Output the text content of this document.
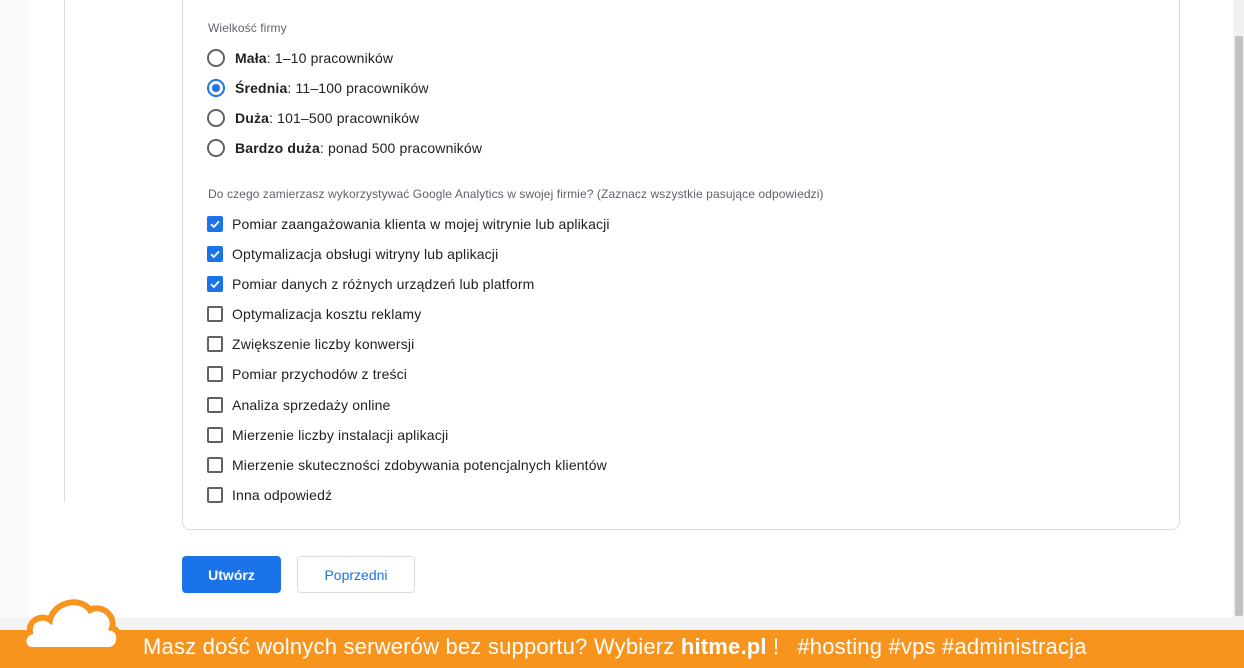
Wielkość firmy
Mała : 1–10 pracowników
Średnia : 11–100 pracowników
Duża : 101–500 pracowników
Bardzo duża : ponad 500 pracowników
Do czego zamierzasz wykorzystywać Google Analytics w swojej firmie? (Zaznacz wszystkie pasujące odpowiedzi)
Pomiar zaangażowania klienta w mojej witrynie lub aplikacji
Optymalizacja obsługi witryny lub aplikacji
Pomiar danych z różnych urządzeń lub platform
Optymalizacja kosztu reklamy
Zwiększenie liczby konwersji
Pomiar przychodów z treści
Analiza sprzedaży online
Mierzenie liczby instalacji aplikacji
Mierzenie skuteczności zdobywania potencjalnych klientów
Inna odpowiedź
Utwórz	Poprzedni
Masz dość wolnych serwerów bez supportu? Wybierz hitme.pl ! #hosting #vps #administracja
